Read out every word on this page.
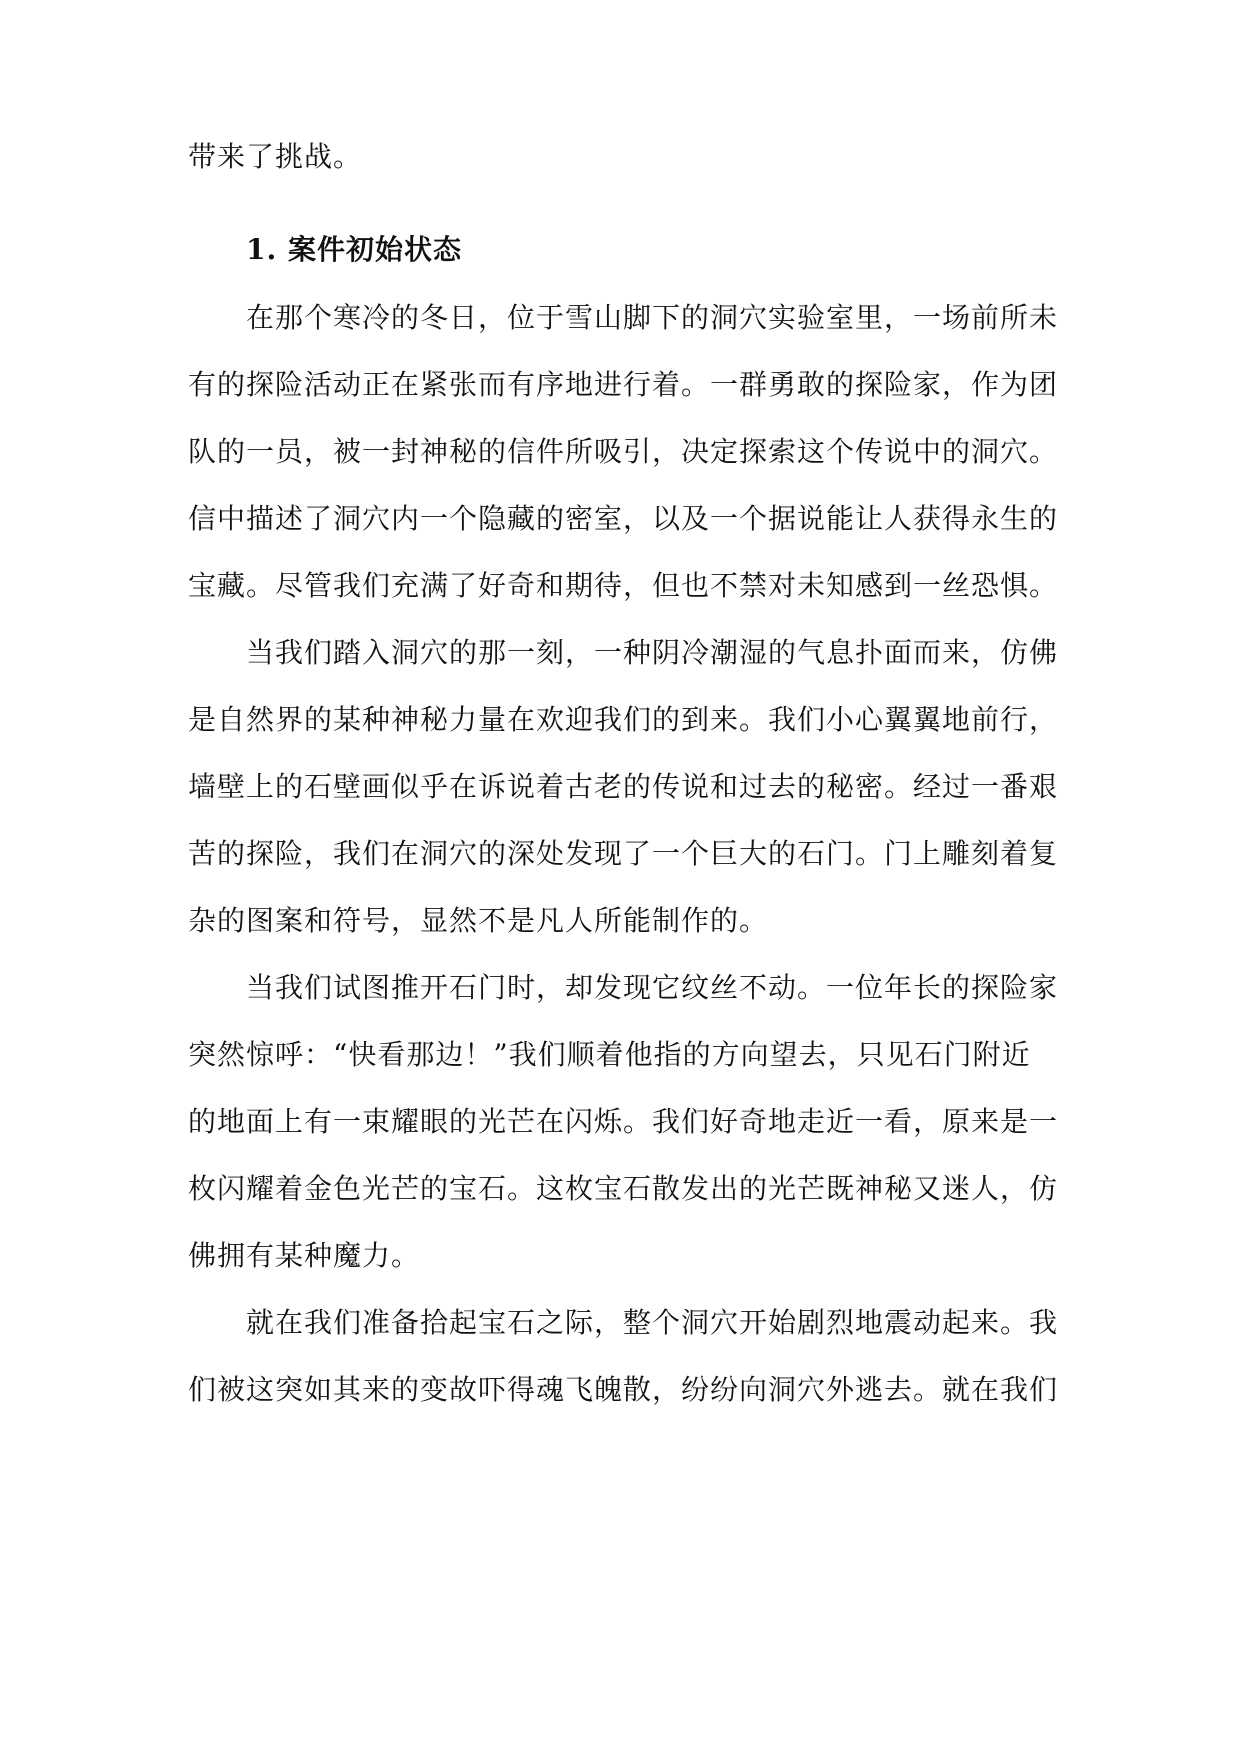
带来了挑战。
1. 案件初始状态
在那个寒冷的冬日，位于雪山脚下的洞穴实验室里，一场前所未
有的探险活动正在紧张而有序地进行着。一群勇敢的探险家，作为团
队的一员，被一封神秘的信件所吸引，决定探索这个传说中的洞穴。
信中描述了洞穴内一个隐藏的密室，以及一个据说能让人获得永生的
宝藏。尽管我们充满了好奇和期待，但也不禁对未知感到一丝恐惧。
当我们踏入洞穴的那一刻，一种阴冷潮湿的气息扑面而来，仿佛
是自然界的某种神秘力量在欢迎我们的到来。我们小心翼翼地前行，
墙壁上的石壁画似乎在诉说着古老的传说和过去的秘密。经过一番艰
苦的探险，我们在洞穴的深处发现了一个巨大的石门。门上雕刻着复
杂的图案和符号，显然不是凡人所能制作的。
当我们试图推开石门时，却发现它纹丝不动。一位年长的探险家
突然惊呼：“快看那边！”我们顺着他指的方向望去，只见石门附近
的地面上有一束耀眼的光芒在闪烁。我们好奇地走近一看，原来是一
枚闪耀着金色光芒的宝石。这枚宝石散发出的光芒既神秘又迷人，仿
佛拥有某种魔力。
就在我们准备拾起宝石之际，整个洞穴开始剧烈地震动起来。我
们被这突如其来的变故吓得魂飞魄散，纷纷向洞穴外逃去。就在我们
